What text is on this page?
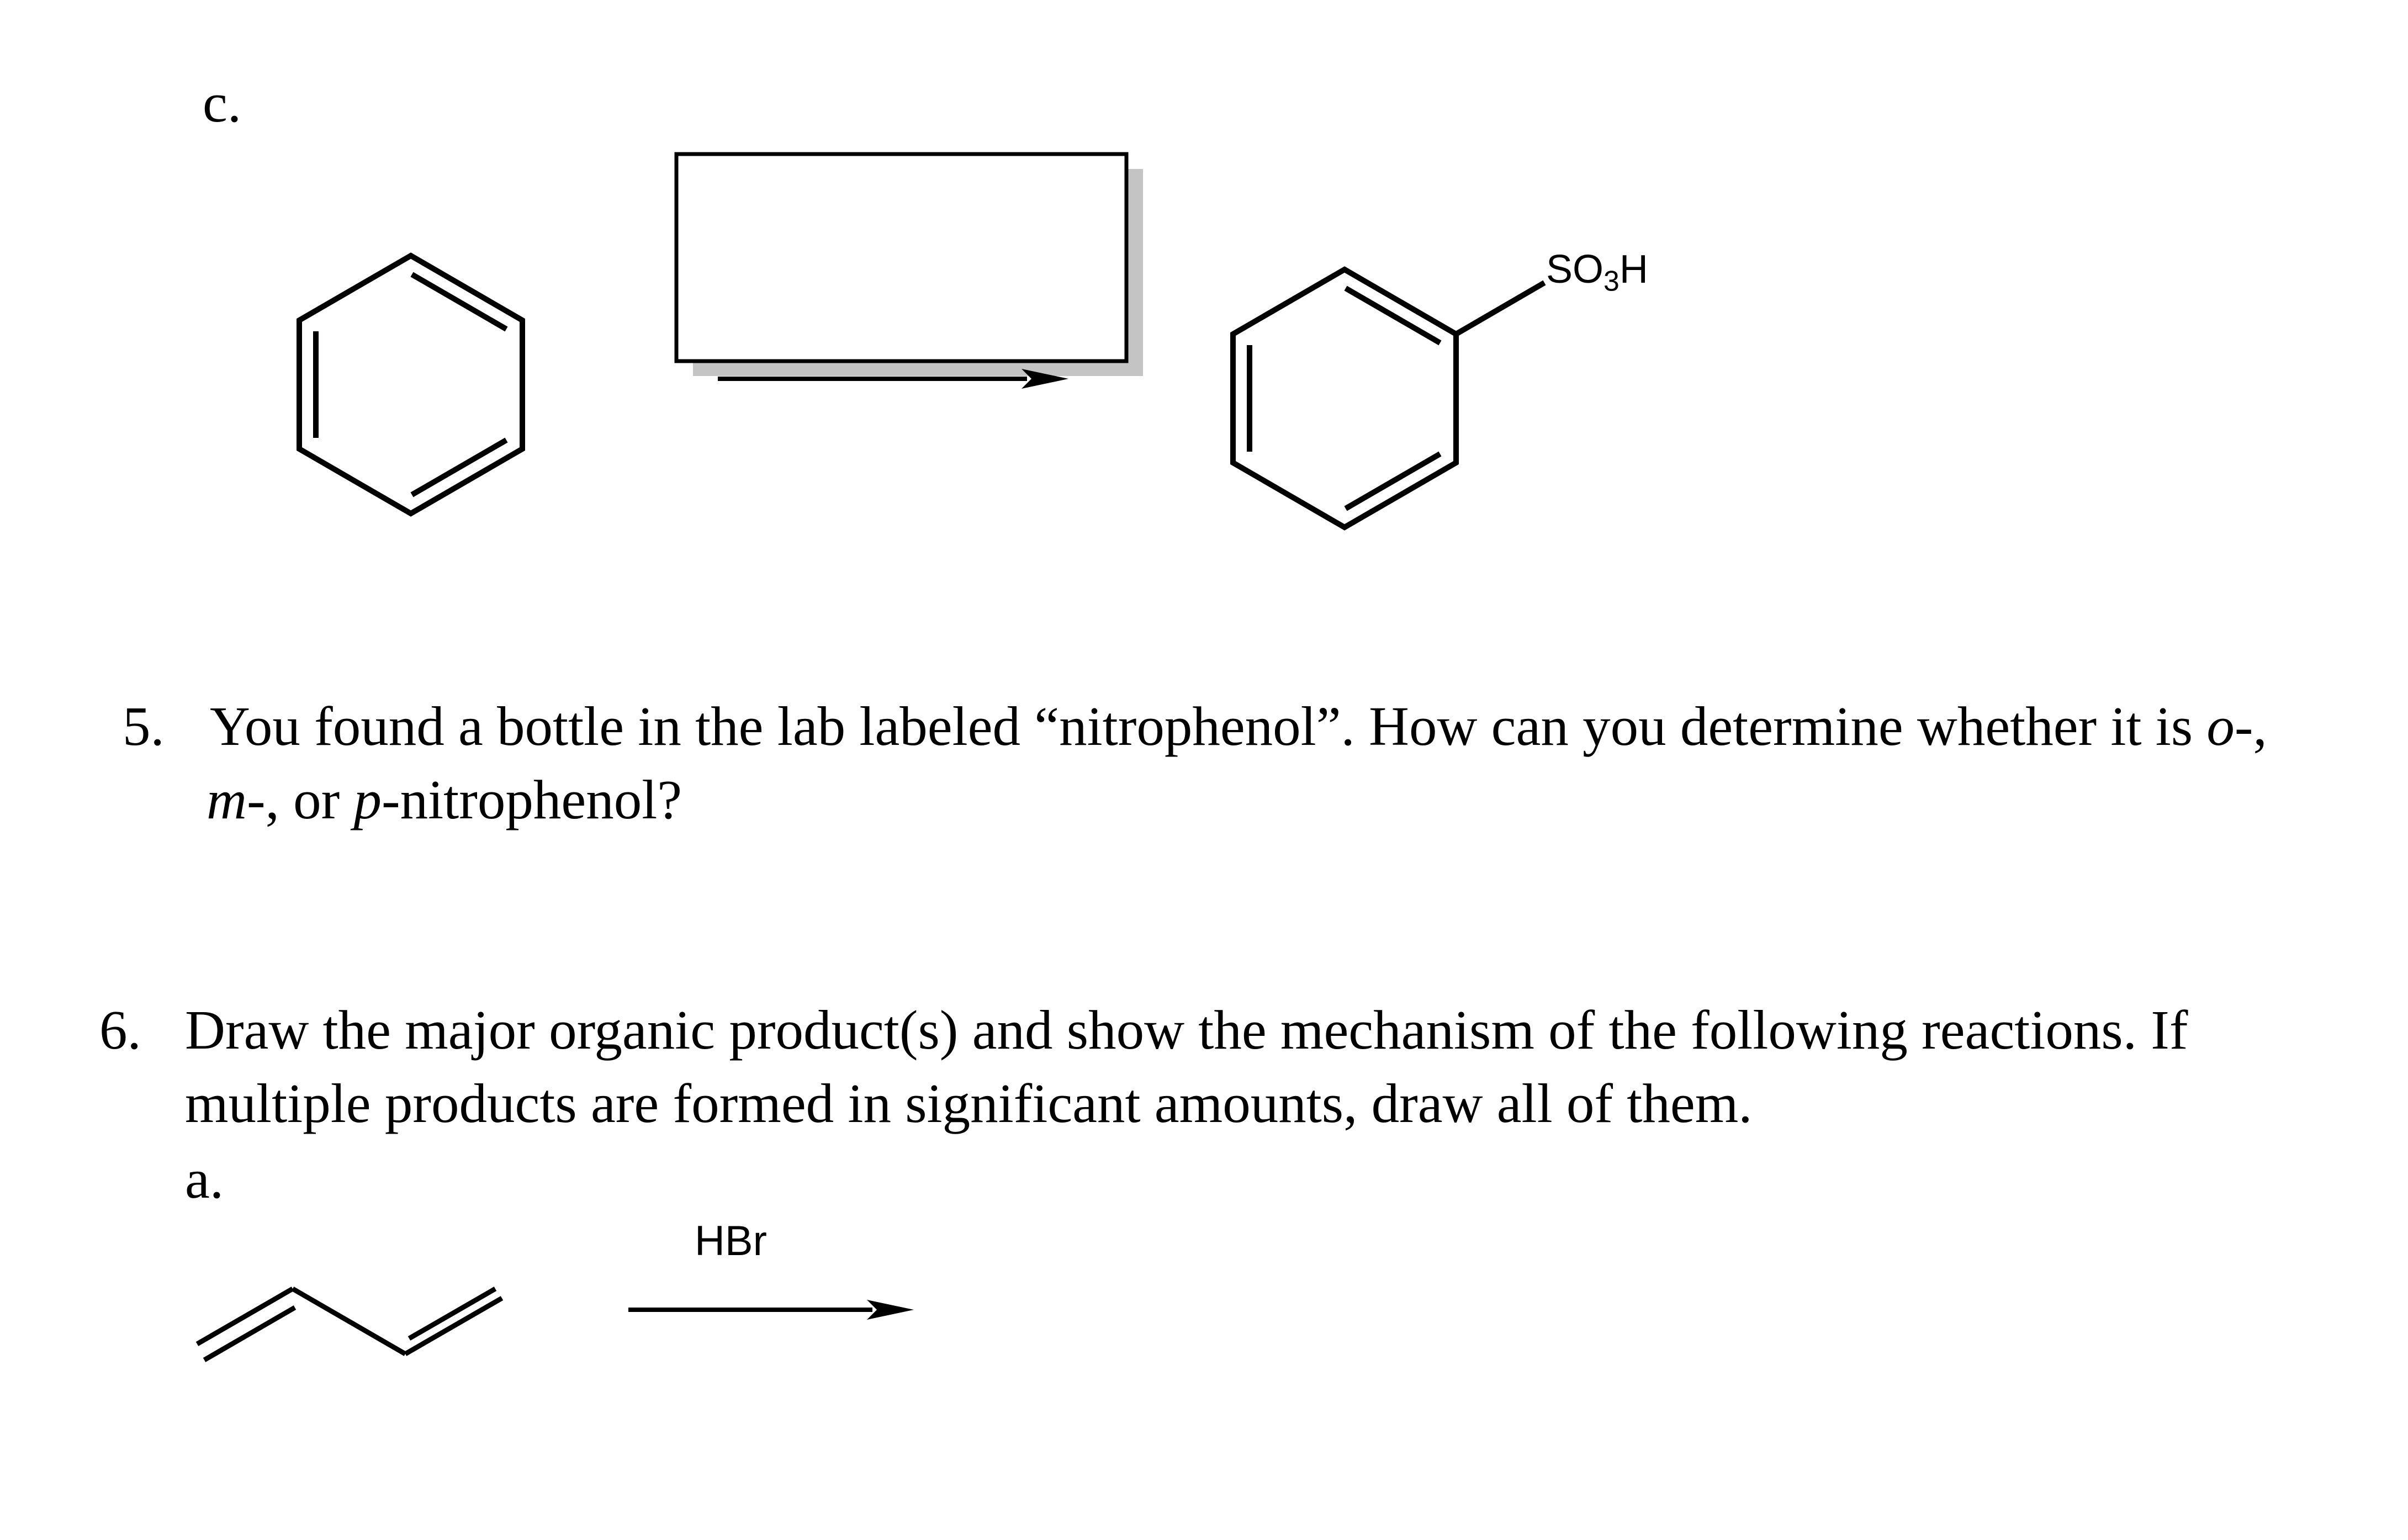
c.
$SO_3H$
5. You found a bottle in the lab labeled “nitrophenol”. How can you determine whether it is o-,
m-, or p-nitrophenol?
6. Draw the major organic product(s) and show the mechanism of the following reactions. If
multiple products are formed in significant amounts, draw all of them.
a.
HBr
